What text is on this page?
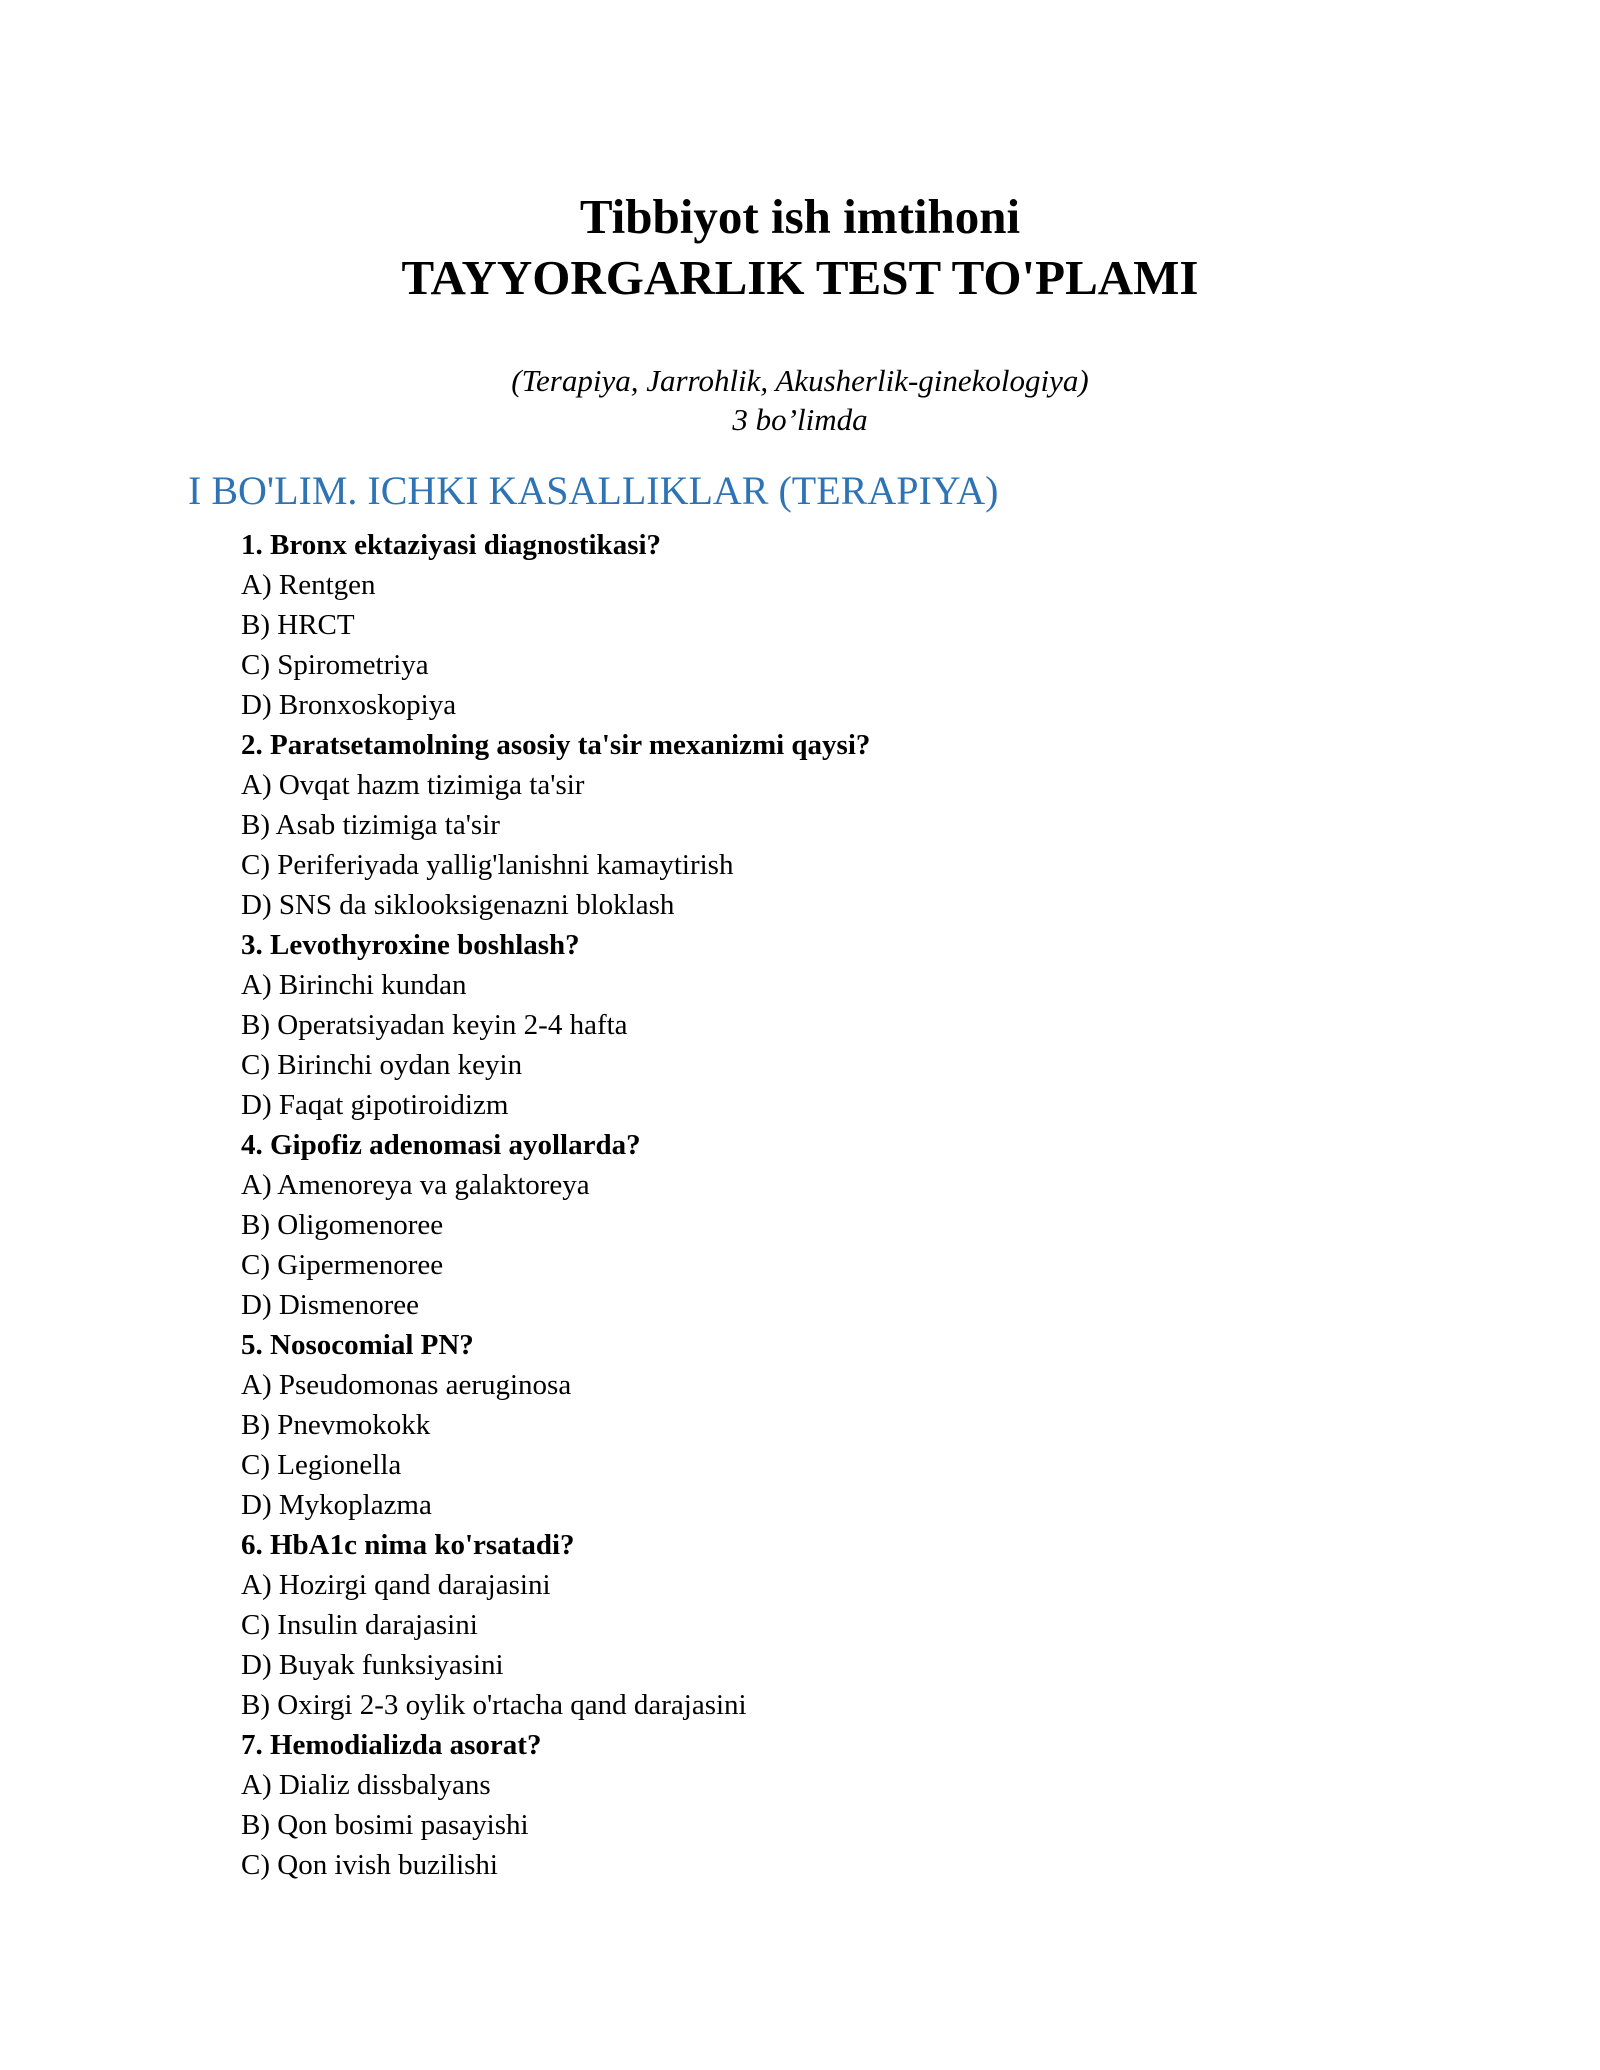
Tibbiyot ish imtihoni
TAYYORGARLIK TEST TO'PLAMI
(Terapiya, Jarrohlik, Akusherlik-ginekologiya)
3 bo’limda
I BO'LIM. ICHKI KASALLIKLAR (TERAPIYA)
1. Bronx ektaziyasi diagnostikasi?
A) Rentgen
B) HRCT
C) Spirometriya
D) Bronxoskopiya
2. Paratsetamolning asosiy ta'sir mexanizmi qaysi?
A) Ovqat hazm tizimiga ta'sir
B) Asab tizimiga ta'sir
C) Periferiyada yallig'lanishni kamaytirish
D) SNS da siklooksigenazni bloklash
3. Levothyroxine boshlash?
A) Birinchi kundan
B) Operatsiyadan keyin 2-4 hafta
C) Birinchi oydan keyin
D) Faqat gipotiroidizm
4. Gipofiz adenomasi ayollarda?
A) Amenoreya va galaktoreya
B) Oligomenoree
C) Gipermenoree
D) Dismenoree
5. Nosocomial PN?
A) Pseudomonas aeruginosa
B) Pnevmokokk
C) Legionella
D) Mykoplazma
6. HbA1c nima ko'rsatadi?
A) Hozirgi qand darajasini
C) Insulin darajasini
D) Buyak funksiyasini
B) Oxirgi 2-3 oylik o'rtacha qand darajasini
7. Hemodializda asorat?
A) Dializ dissbalyans
B) Qon bosimi pasayishi
C) Qon ivish buzilishi
